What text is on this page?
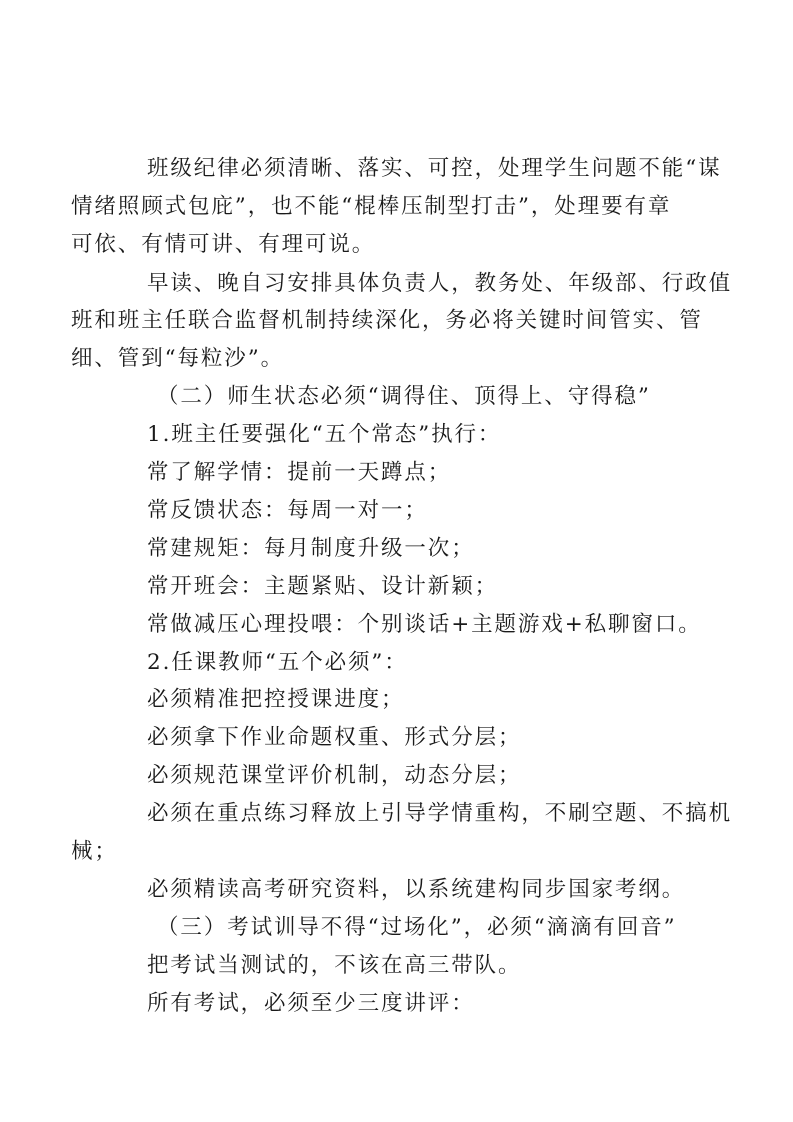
班级纪律必须清晰、落实、可控，处理学生问题不能“谋
情绪照顾式包庇”，也不能“棍棒压制型打击”，处理要有章
可依、有情可讲、有理可说。

早读、晚自习安排具体负责人，教务处、年级部、行政值
班和班主任联合监督机制持续深化，务必将关键时间管实、管
细、管到“每粒沙”。

（二）师生状态必须“调得住、顶得上、守得稳”

1.班主任要强化“五个常态”执行：

常了解学情：提前一天蹲点；

常反馈状态：每周一对一；

常建规矩：每月制度升级一次；

常开班会：主题紧贴、设计新颖；

常做减压心理投喂：个别谈话+主题游戏+私聊窗口。

2.任课教师“五个必须”：

必须精准把控授课进度；

必须拿下作业命题权重、形式分层；

必须规范课堂评价机制，动态分层；

必须在重点练习释放上引导学情重构，不刷空题、不搞机
械；

必须精读高考研究资料，以系统建构同步国家考纲。

（三）考试训导不得“过场化”，必须“滴滴有回音”

把考试当测试的，不该在高三带队。

所有考试，必须至少三度讲评：
